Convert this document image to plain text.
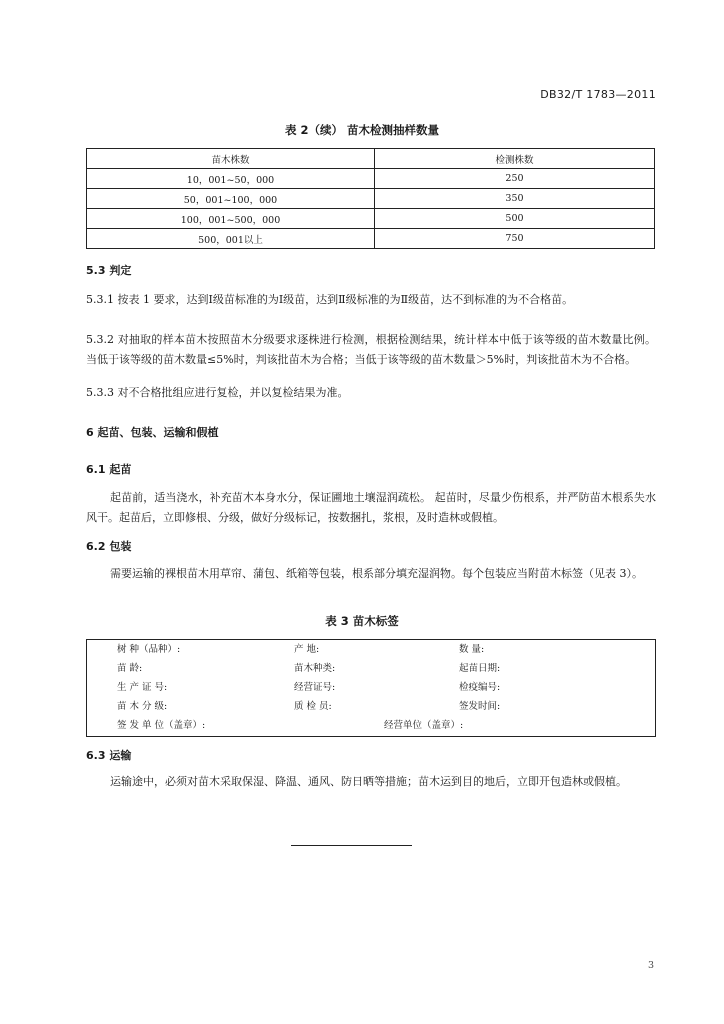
DB32/T 1783—2011
表 2（续） 苗木检测抽样数量
苗木株数	检测株数
10，001~50，000	250
50，001~100，000	350
100，001~500，000	500
500，001以上	750
5.3 判定
5.3.1 按表 1 要求，达到Ⅰ级苗标准的为Ⅰ级苗，达到Ⅱ级标准的为Ⅱ级苗，达不到标准的为不合格苗。
5.3.2 对抽取的样本苗木按照苗木分级要求逐株进行检测，根据检测结果，统计样本中低于该等级的苗木数量比例。当低于该等级的苗木数量≤5%时，判该批苗木为合格；当低于该等级的苗木数量＞5%时，判该批苗木为不合格。
5.3.3 对不合格批组应进行复检，并以复检结果为准。
6 起苗、包装、运输和假植
6.1 起苗
起苗前，适当浇水，补充苗木本身水分，保证圃地土壤湿润疏松。 起苗时，尽量少伤根系，并严防苗木根系失水风干。起苗后，立即修根、分级，做好分级标记，按数捆扎，浆根，及时造林或假植。
6.2 包装
需要运输的裸根苗木用草帘、蒲包、纸箱等包装，根系部分填充湿润物。每个包装应当附苗木标签（见表 3）。
表 3 苗木标签
树 种（品种）:	产 地:	数 量:
苗 龄:	苗木种类:	起苗日期:
生 产 证 号:	经营证号:	检疫编号:
苗 木 分 级:	质 检 员:	签发时间:
签 发 单 位（盖章）:	经营单位（盖章）:
6.3 运输
运输途中，必须对苗木采取保湿、降温、通风、防日晒等措施；苗木运到目的地后，立即开包造林或假植。
3
